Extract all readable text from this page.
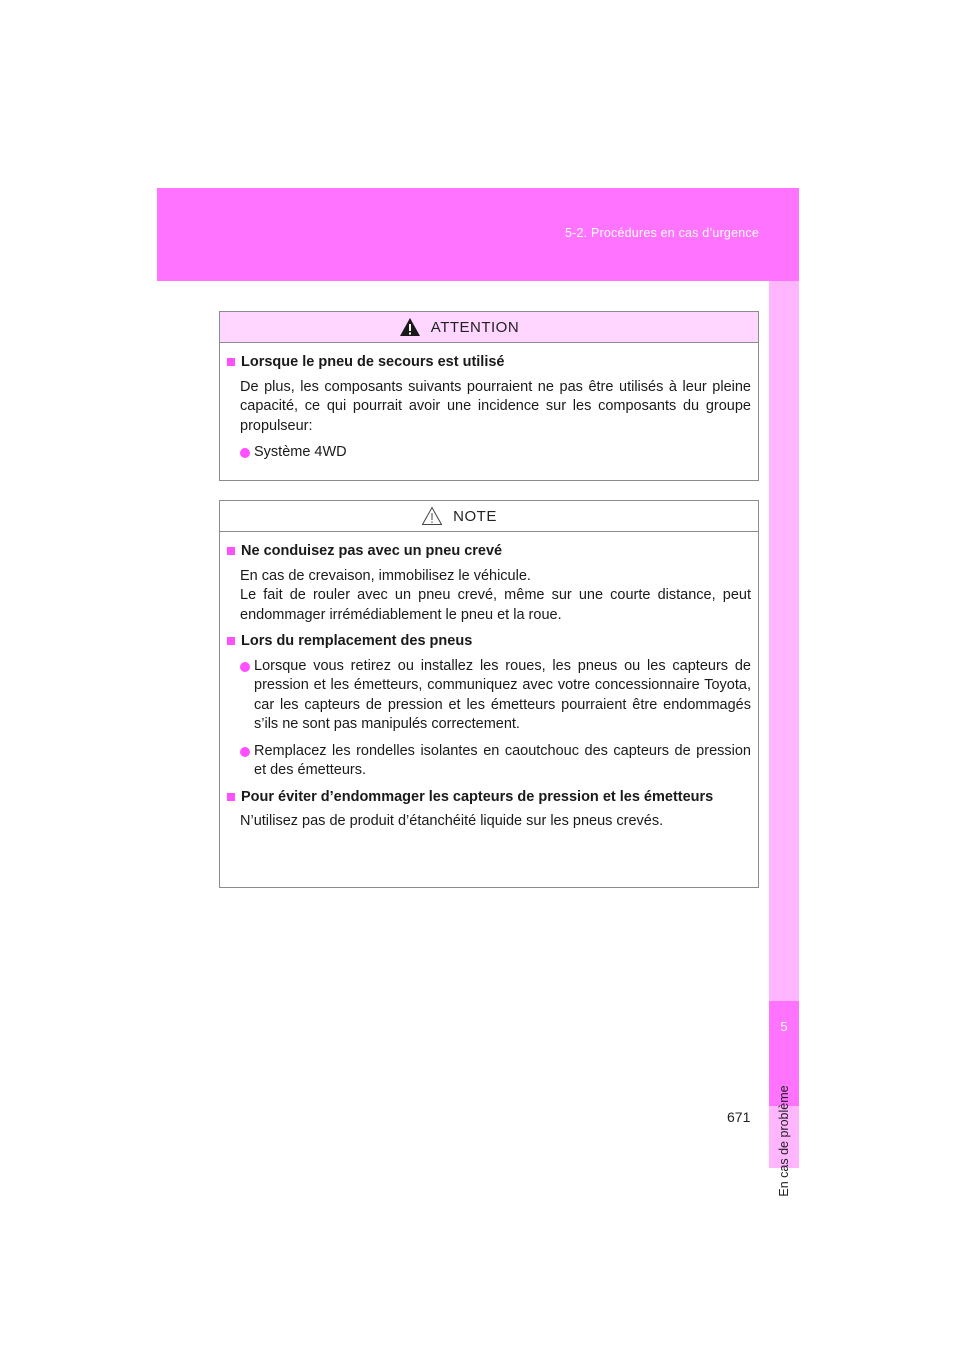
5-2. Procédures en cas d’urgence
5
En cas de problème
ATTENTION
Lorsque le pneu de secours est utilisé
De plus, les composants suivants pourraient ne pas être utilisés à leur pleine capacité, ce qui pourrait avoir une incidence sur les composants du groupe propulseur:
Système 4WD
NOTE
Ne conduisez pas avec un pneu crevé
En cas de crevaison, immobilisez le véhicule.
Le fait de rouler avec un pneu crevé, même sur une courte distance, peut endommager irrémédiablement le pneu et la roue.
Lors du remplacement des pneus
Lorsque vous retirez ou installez les roues, les pneus ou les capteurs de pression et les émetteurs, communiquez avec votre concessionnaire Toyota, car les capteurs de pression et les émetteurs pourraient être endommagés s’ils ne sont pas manipulés correctement.
Remplacez les rondelles isolantes en caoutchouc des capteurs de pression et des émetteurs.
Pour éviter d’endommager les capteurs de pression et les émetteurs
N’utilisez pas de produit d’étanchéité liquide sur les pneus crevés.
671
